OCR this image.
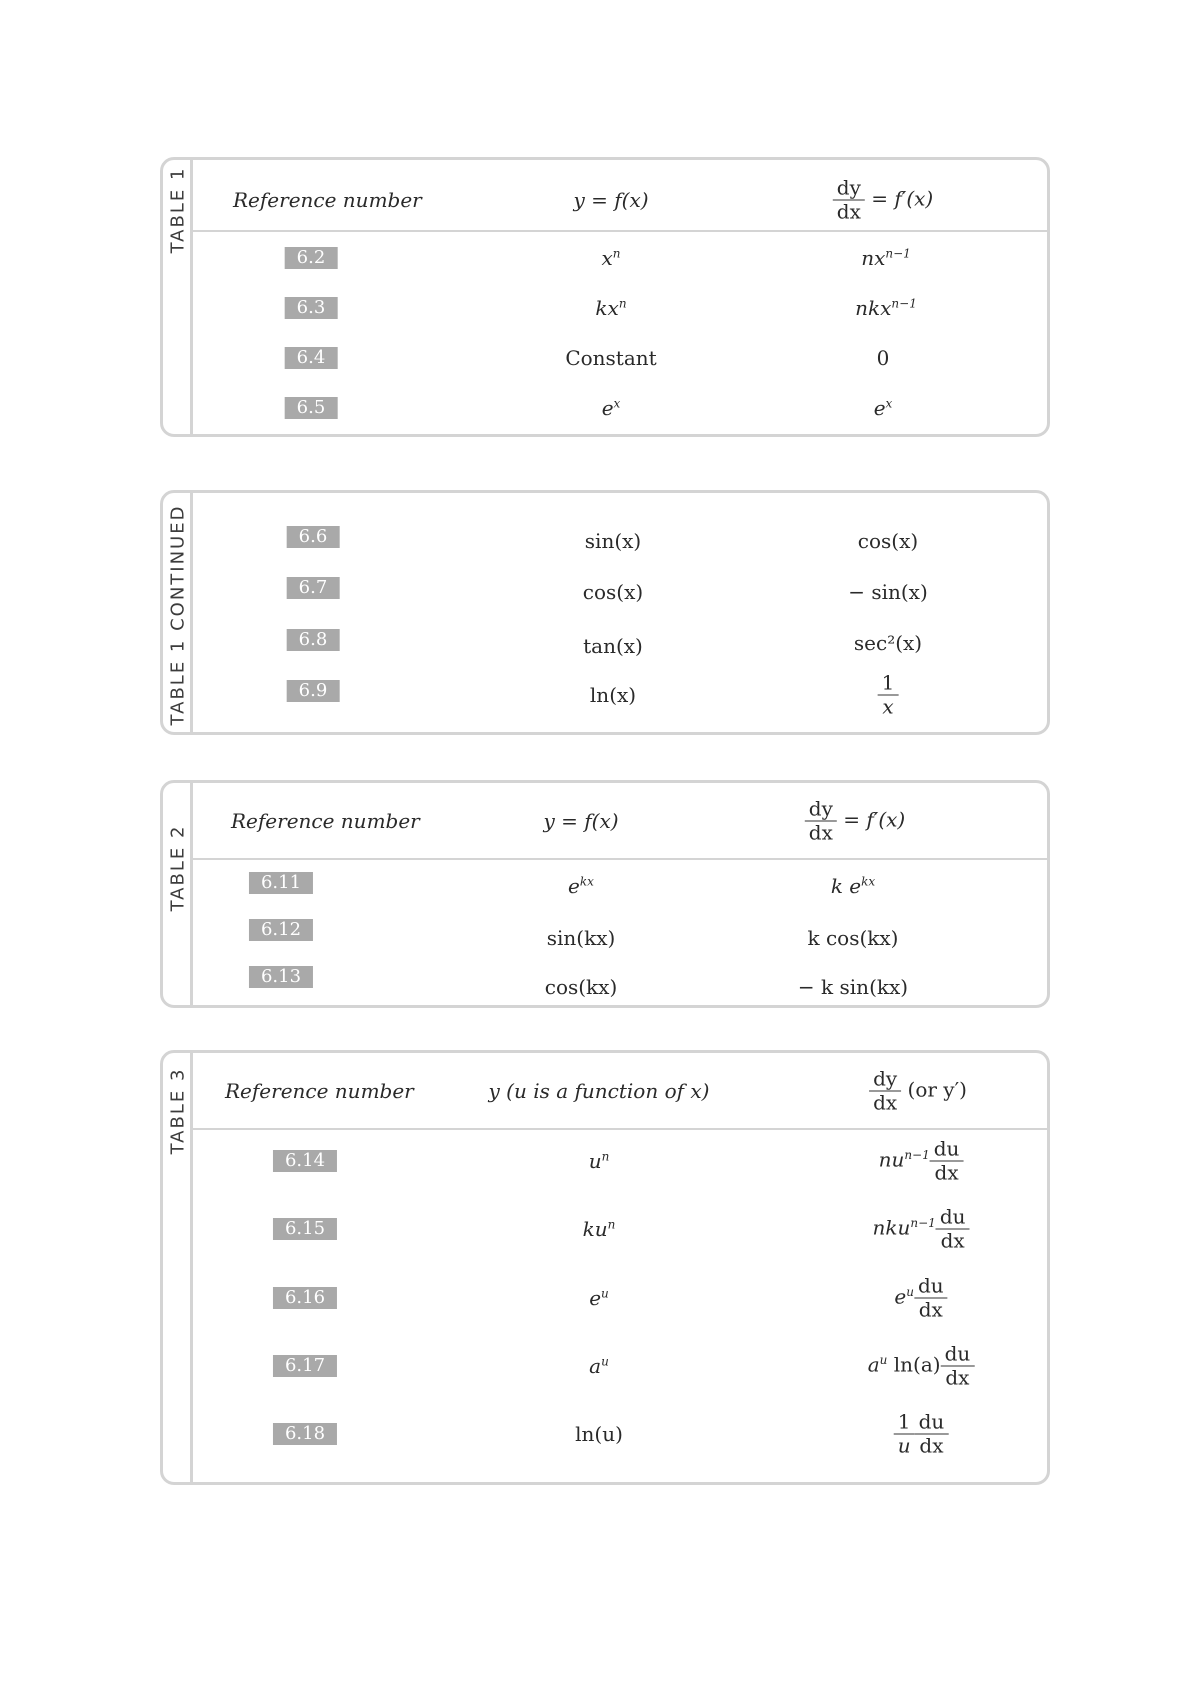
TABLE 1 Reference number	y = f(x)	$\frac{dy}{dx} = f'(x)$
6.2	$x^n$	$nx^{n-1}$
6.3	$kx^n$	nkx$^{n-1}$
6.4	Constant	0
6.5	$e^x$	$e^x$
TABLE 1 CONTINUED	6.6	sin(x)	cos(x)
6.7	cos(x)	− sin(x)
6.8	tan(x)	sec²(x)
6.9	ln(x)	$\frac{1}{x}$
TABLE 2
Reference number	y = f(x)	$\frac{dy}{dx} = f'(x)$
6.11	$e^{kx}$	k $e^{kx}$
6.12	sin(kx)	k cos(kx)
6.13	cos(kx)	− k sin(kx)
TABLE 3 Reference number	y (u is a function of x)	$\frac{dy}{dx} (or$ y′)
6.14	$u^n$	$nu^{n-1} \frac{du}{dx}$
6.15	$ku^n$	$nku^{n-1} \frac{du}{dx}$
6.16	$e^u$	$e^u \frac{du}{dx}$
6.17	$a^u$	$a^u$ $\ln(a) \frac{du}{dx}$
6.18	ln(u)	$\frac{1}{u} \frac{du}{dx}$
